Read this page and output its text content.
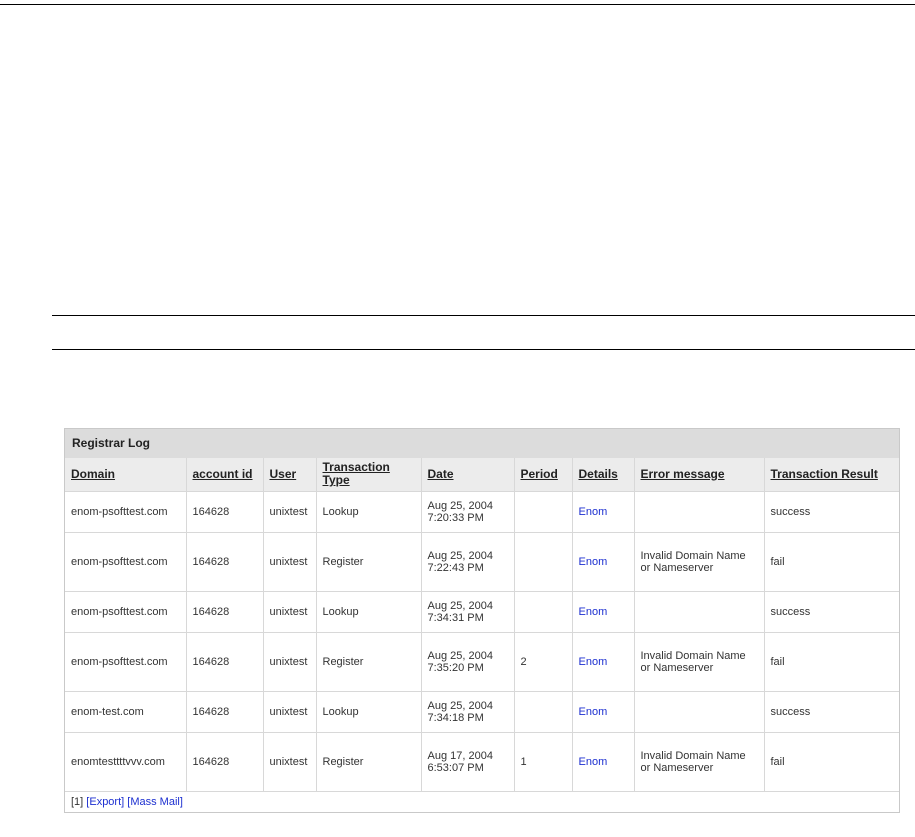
Registrar Log
Domain	account id	User	Transaction Type	Date	Period	Details	Error message	Transaction Result
enom-psofttest.com	164628	unixtest	Lookup	Aug 25, 2004 7:20:33 PM		Enom		success
enom-psofttest.com	164628	unixtest	Register	Aug 25, 2004 7:22:43 PM		Enom	Invalid Domain Name or Nameserver	fail
enom-psofttest.com	164628	unixtest	Lookup	Aug 25, 2004 7:34:31 PM		Enom		success
enom-psofttest.com	164628	unixtest	Register	Aug 25, 2004 7:35:20 PM	2	Enom	Invalid Domain Name or Nameserver	fail
enom-test.com	164628	unixtest	Lookup	Aug 25, 2004 7:34:18 PM		Enom		success
enomtesttttvvv.com	164628	unixtest	Register	Aug 17, 2004 6:53:07 PM	1	Enom	Invalid Domain Name or Nameserver	fail
[1] [Export] [Mass Mail]
